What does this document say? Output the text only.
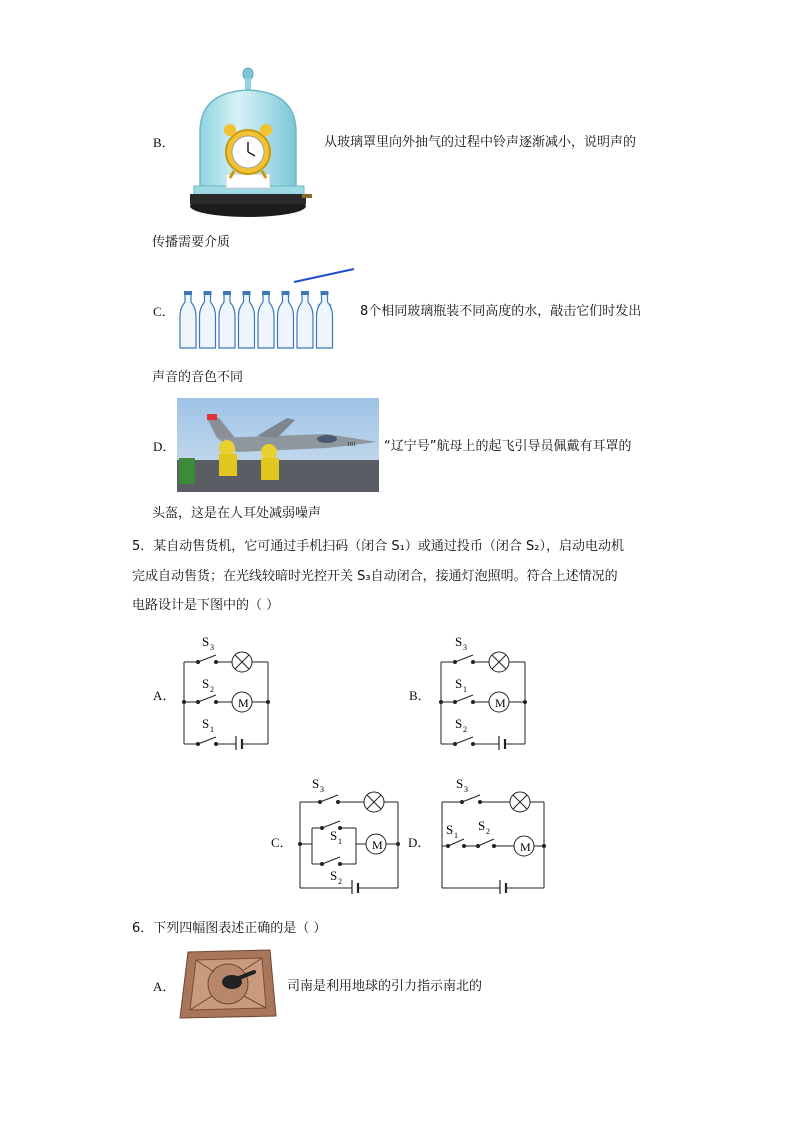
B．	从玻璃罩里向外抽气的过程中铃声逐渐减小，说明声的
传播需要介质
C．	8个相同玻璃瓶装不同高度的水，敲击它们时发出
声音的音色不同
101
D．	“辽宁号”航母上的起飞引导员佩戴有耳罩的
头盔，这是在人耳处减弱噪声
5．某自动售货机，它可通过手机扫码（闭合 S₁）或通过投币（闭合 S₂），启动电动机
完成自动售货；在光线较暗时光控开关 S₃自动闭合，接通灯泡照明。符合上述情况的
电路设计是下图中的（ ）
A．
S 3
S 2
S 1
M	B．
S 3
S 1
S 2
M
C．
S 3
S 1
S 2
M D．
S 3
S 1
S 2
M
6．下列四幅图表述正确的是（ ）
A．	司南是利用地球的引力指示南北的
